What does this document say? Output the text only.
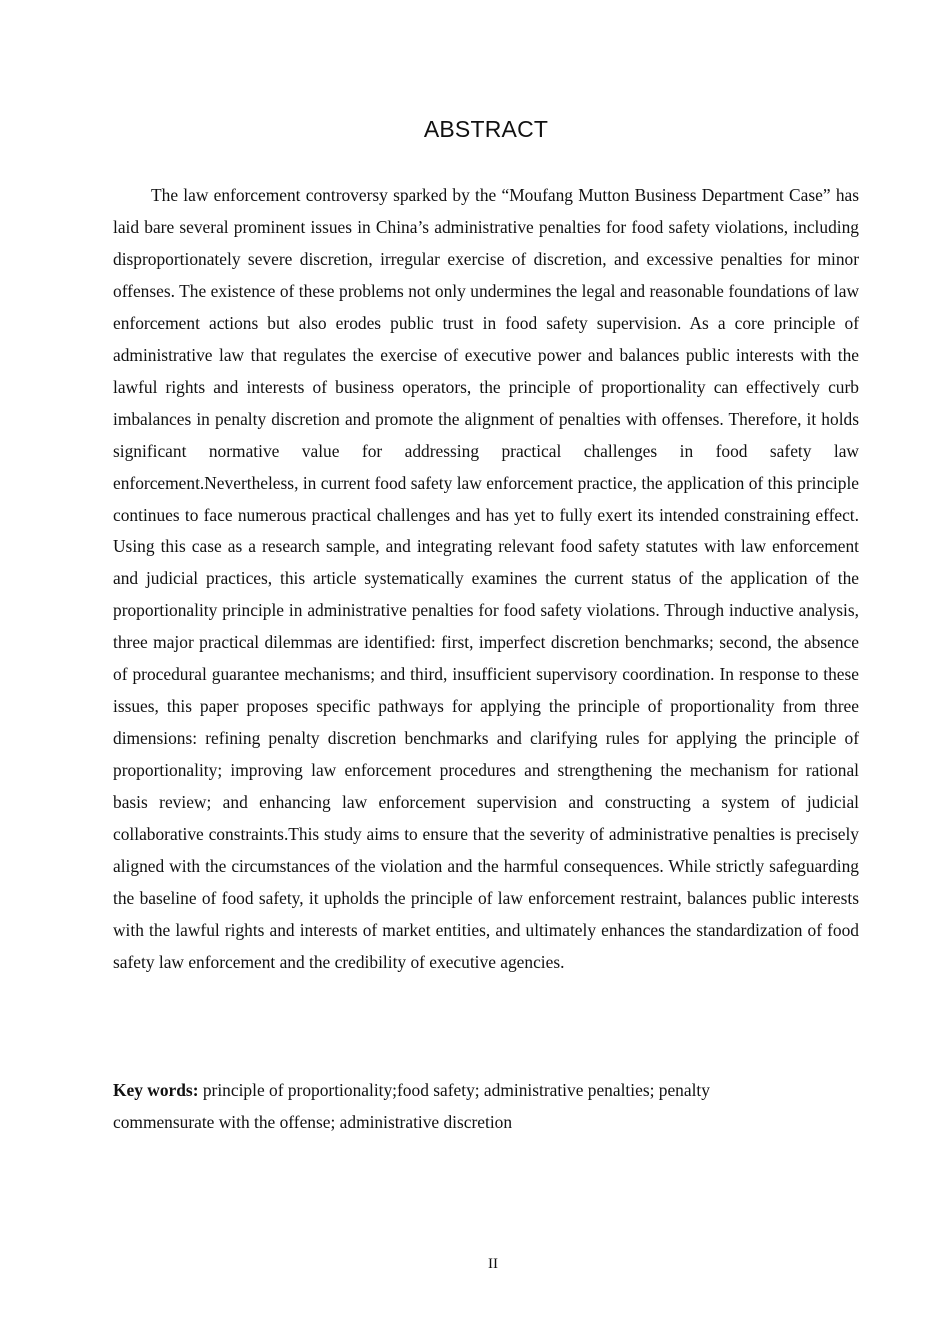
ABSTRACT

The law enforcement controversy sparked by the “Moufang Mutton Business Department Case” has laid bare several prominent issues in China’s administrative penalties for food safety violations, including disproportionately severe discretion, irregular exercise of discretion, and excessive penalties for minor offenses. The existence of these problems not only undermines the legal and reasonable foundations of law enforcement actions but also erodes public trust in food safety supervision. As a core principle of administrative law that regulates the exercise of executive power and balances public interests with the lawful rights and interests of business operators, the principle of proportionality can effectively curb imbalances in penalty discretion and promote the alignment of penalties with offenses. Therefore, it holds significant normative value for addressing practical challenges in food safety law enforcement.Nevertheless, in current food safety law enforcement practice, the application of this principle continues to face numerous practical challenges and has yet to fully exert its intended constraining effect. Using this case as a research sample, and integrating relevant food safety statutes with law enforcement and judicial practices, this article systematically examines the current status of the application of the proportionality principle in administrative penalties for food safety violations. Through inductive analysis, three major practical dilemmas are identified: first, imperfect discretion benchmarks; second, the absence of procedural guarantee mechanisms; and third, insufficient supervisory coordination. In response to these issues, this paper proposes specific pathways for applying the principle of proportionality from three dimensions: refining penalty discretion benchmarks and clarifying rules for applying the principle of proportionality; improving law enforcement procedures and strengthening the mechanism for rational basis review; and enhancing law enforcement supervision and constructing a system of judicial collaborative constraints.This study aims to ensure that the severity of administrative penalties is precisely aligned with the circumstances of the violation and the harmful consequences. While strictly safeguarding the baseline of food safety, it upholds the principle of law enforcement restraint, balances public interests with the lawful rights and interests of market entities, and ultimately enhances the standardization of food safety law enforcement and the credibility of executive agencies.

Key words: principle of proportionality;food safety; administrative penalties; penalty commensurate with the offense; administrative discretion

II
